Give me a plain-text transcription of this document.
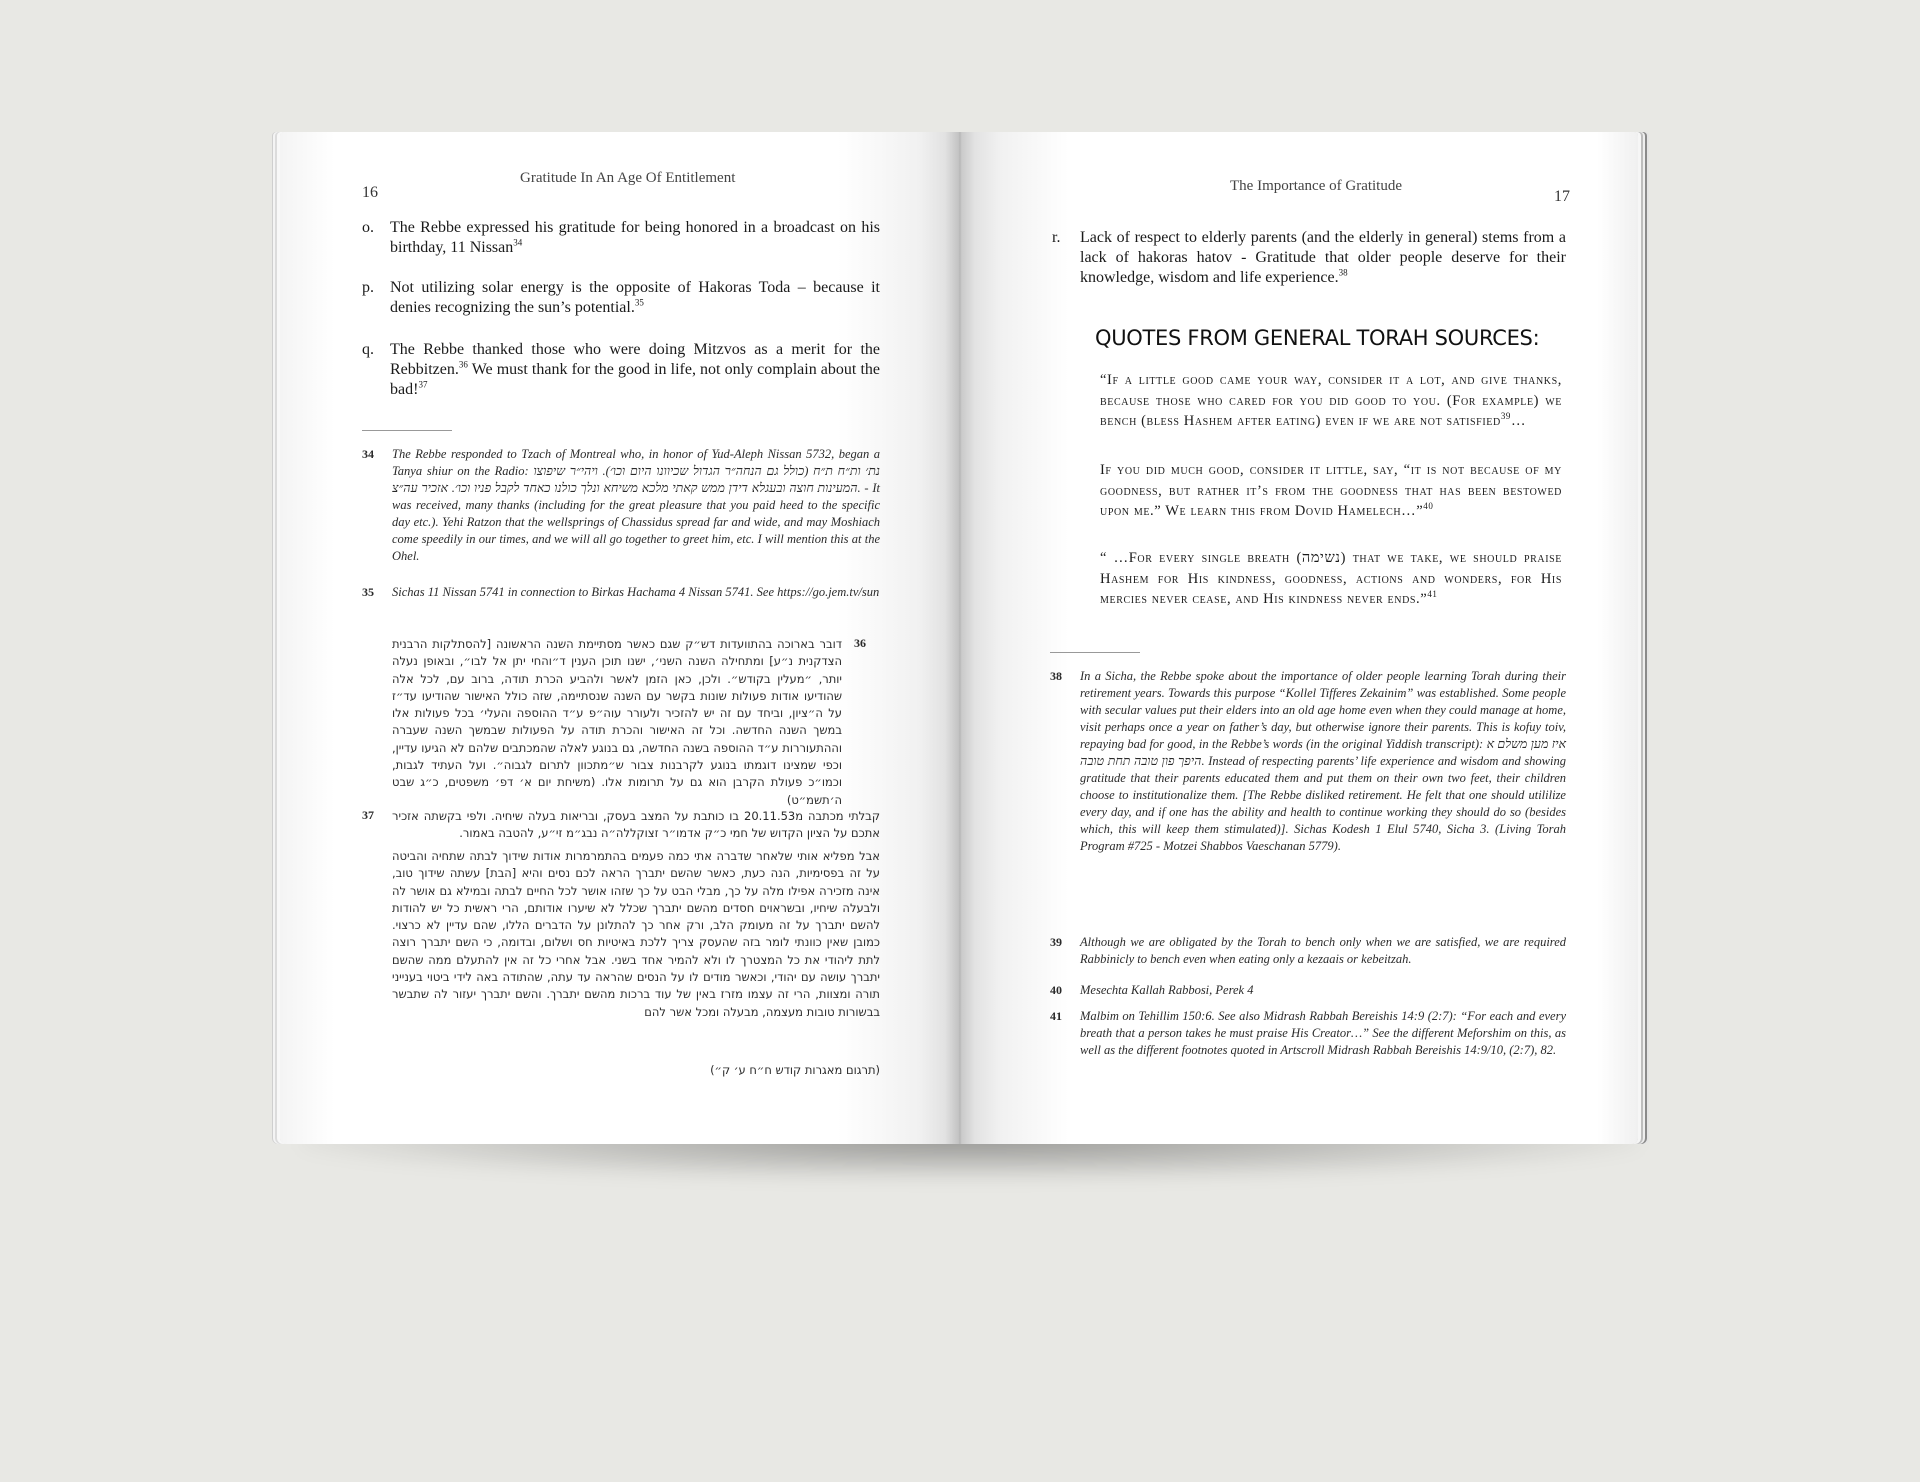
16
Gratitude In An Age Of Entitlement
o. The Rebbe expressed his gratitude for being honored in a broadcast on his birthday, 11 Nissan$^{34}$
p. Not utilizing solar energy is the opposite of Hakoras Toda – because it denies recognizing the sun’s potential.$^{35}$
q. The Rebbe thanked those who were doing Mitzvos as a merit for the Rebbitzen.$^{36}$ We must thank for the good in life, not only complain about the bad!$^{37}$
34 The Rebbe responded to Tzach of Montreal who, in honor of Yud-Aleph Nissan 5732, began a Tanya shiur on the Radio: נת׳ ות״ח ת״ח (כולל גם הנחה״ר הגדול שכיוונו היום וכו׳). ויהי״ר שיפוצו המעינות חוצה ובעגלא דידן ממש קאתי מלכא משיחא ונלך כולנו כאחד לקבל פניו וכו׳. אזכיר עה״צ. - It was received, many thanks (including for the great pleasure that you paid heed to the specific day etc.). Yehi Ratzon that the wellsprings of Chassidus spread far and wide, and may Moshiach come speedily in our times, and we will all go together to greet him, etc. I will mention this at the Ohel.
35 Sichas 11 Nissan 5741 in connection to Birkas Hachama 4 Nissan 5741. See https://go.jem.tv/sun
36
דובר בארוכה בהתוועדות דש״ק שגם כאשר מסתיימת השנה הראשונה [להסתלקות הרבנית הצדקנית נ״ע] ומתחילה השנה השני׳, ישנו תוכן הענין ד״והחי יתן אל לבו״, ובאופן נעלה יותר, ״מעלין בקודש״. ולכן, כאן הזמן לאשר ולהביע הכרת תודה, ברוב עם, לכל אלה שהודיעו אודות פעולות שונות בקשר עם השנה שנסתיימה, שזה כולל האישור שהודיעו עד״ז על ה״ציון, וביחד עם זה יש להזכיר ולעורר עוה״פ ע״ד ההוספה והעלי׳ בכל פעולות אלו במשך השנה החדשה. וכל זה האישור והכרת תודה על הפעולות שבמשך השנה שעברה וההתעוררות ע״ד ההוספה בשנה החדשה, גם בנוגע לאלה שהמכתבים שלהם לא הגיעו עדיין, וכפי שמצינו דוגמתו בנוגע לקרבנות צבור ש״מתכוון לתרום לגבוה״. ועל העתיד לגבות, וכמו״כ פעולת הקרבן הוא גם על תרומות אלו. (משיחת יום א׳ דפ׳ משפטים, כ״ג שבט ה׳תשמ״ט)
37 קבלתי מכתבה מ20.11.53 בו כותבת על המצב בעסק, ובריאות בעלה שיחיה. ולפי בקשתה אזכיר אתכם על הציון הקדוש של חמי כ״ק אדמו״ר זצוקללה״ה נבג״מ זי״ע, להטבה באמור.
אבל מפליא אותי שלאחר שדברה אתי כמה פעמים בהתמרמרות אודות שידוך לבתה שתחיה והביטה על זה בפסימיות, הנה כעת, כאשר שהשם יתברך הראה לכם נסים והיא [הבת] עשתה שידוך טוב, אינה מזכירה אפילו מלה על כך, מבלי הבט על כך שזהו אושר לכל החיים לבתה ובמילא גם אושר לה ולבעלה שיחיו, ובשראוים חסדים מהשם יתברך שכלל לא שיערו אודותם, הרי ראשית כל יש להודות להשם יתברך על זה מעומק הלב, ורק אחר כך להתלונן על הדברים הללו, שהם עדיין לא כרצוי. כמובן שאין כוונתי לומר בזה שהעסק צריך ללכת באיטיות חס ושלום, ובדומה, כי השם יתברך רוצה לתת ליהודי את כל המצטרך לו ולא להמיר אחד בשני. אבל אחרי כל זה אין להתעלם ממה שהשם יתברך עושה עם יהודי, וכאשר מודים לו על הנסים שהראה עד עתה, שהתודה באה לידי ביטוי בענייני תורה ומצוות, הרי זה עצמו מזרז באין של עוד ברכות מהשם יתברך. והשם יתברך יעזור לה שתבשר בבשורות טובות מעצמה, מבעלה ומכל אשר להם
(תרגום מאגרות קודש ח״ח ע׳ ק״)
The Importance of Gratitude
17
r. Lack of respect to elderly parents (and the elderly in general) stems from a lack of hakoras hatov - Gratitude that older people deserve for their knowledge, wisdom and life experience.$^{38}$
QUOTES FROM GENERAL TORAH SOURCES:
“If a little good came your way, consider it a lot, and give thanks, because those who cared for you did good to you. (For example) we bench (bless Hashem after eating) even if we are not satisfied$^{39}$…
If you did much good, consider it little, say, “it is not because of my goodness, but rather it’s from the goodness that has been bestowed upon me.” We learn this from Dovid Hamelech…”$^{40}$
“ …For every single breath (נשימה) that we take, we should praise Hashem for His kindness, goodness, actions and wonders, for His mercies never cease, and His kindness never ends.”$^{41}$
38 In a Sicha, the Rebbe spoke about the importance of older people learning Torah during their retirement years. Towards this purpose “Kollel Tifferes Zekainim” was established. Some people with secular values put their elders into an old age home even when they could manage at home, visit perhaps once a year on father’s day, but otherwise ignore their parents. This is kofuy toiv, repaying bad for good, in the Rebbe’s words (in the original Yiddish transcript): איז מען משלם א היפך פון טובה תחת טובה. Instead of respecting parents’ life experience and wisdom and showing gratitude that their parents educated them and put them on their own two feet, their children choose to institutionalize them. [The Rebbe disliked retirement. He felt that one should utililize every day, and if one has the ability and health to continue working they should do so (besides which, this will keep them stimulated)]. Sichas Kodesh 1 Elul 5740, Sicha 3. (Living Torah Program #725 - Motzei Shabbos Vaeschanan 5779).
39 Although we are obligated by the Torah to bench only when we are satisfied, we are required Rabbinicly to bench even when eating only a kezaais or kebeitzah.
40 Mesechta Kallah Rabbosi, Perek 4
41 Malbim on Tehillim 150:6. See also Midrash Rabbah Bereishis 14:9 (2:7): “For each and every breath that a person takes he must praise His Creator…” See the different Meforshim on this, as well as the different footnotes quoted in Artscroll Midrash Rabbah Bereishis 14:9/10, (2:7), 82.
